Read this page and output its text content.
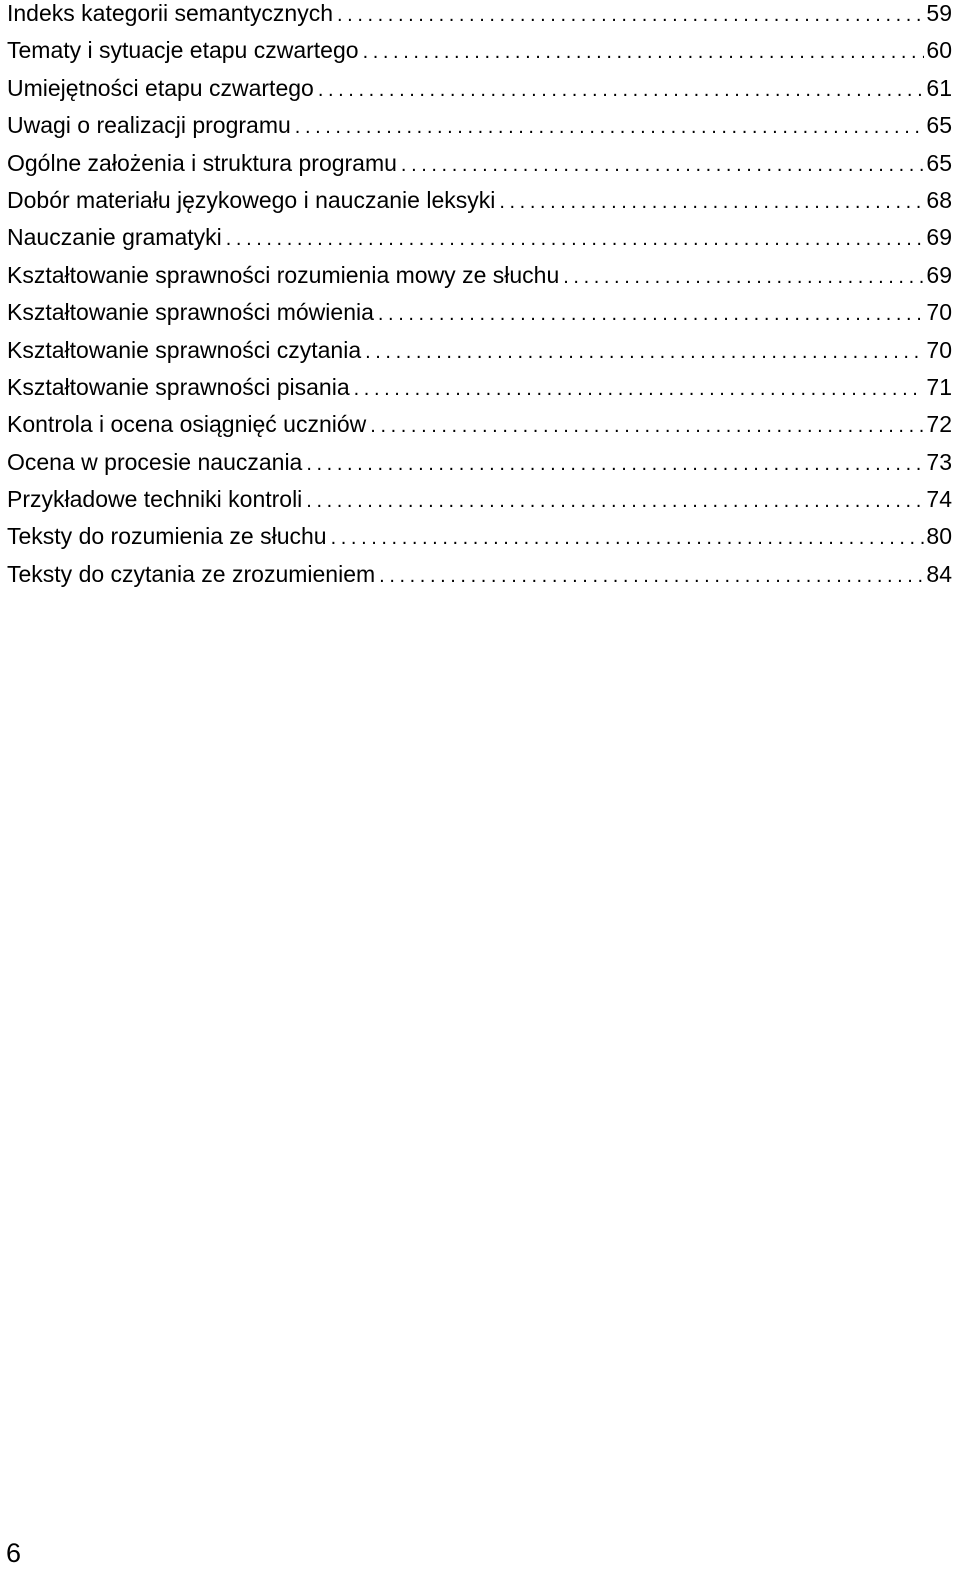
Indeks kategorii semantycznych .....	59
Tematy i sytuacje etapu czwartego .....	60
Umiejętności etapu czwartego .....	61
Uwagi o realizacji programu .....	65
Ogólne założenia i struktura programu .....	65
Dobór materiału językowego i nauczanie leksyki .....	68
Nauczanie gramatyki .....	69
Kształtowanie sprawności rozumienia mowy ze słuchu .....	69
Kształtowanie sprawności mówienia .....	70
Kształtowanie sprawności czytania .....	70
Kształtowanie sprawności pisania .....	71
Kontrola i ocena osiągnięć uczniów .....	72
Ocena w procesie nauczania .....	73
Przykładowe techniki kontroli .....	74
Teksty do rozumienia ze słuchu .....	80
Teksty do czytania ze zrozumieniem .....	84
6
